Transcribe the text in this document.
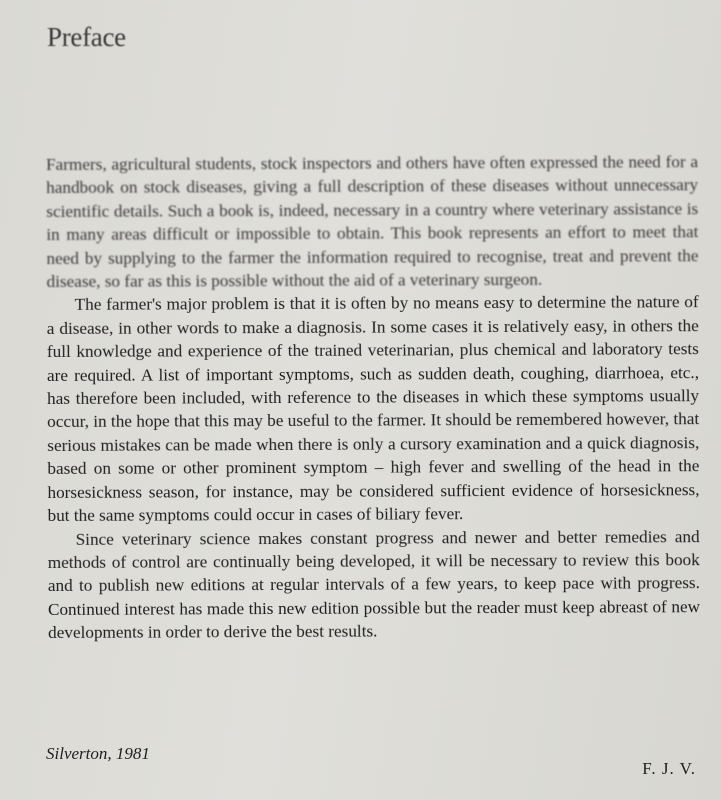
Preface

Farmers, agricultural students, stock inspectors and others have often expressed the need for a handbook on stock diseases, giving a full description of these diseases without unnecessary scientific details. Such a book is, indeed, necessary in a country where veterinary assistance is in many areas difficult or impossible to obtain. This book represents an effort to meet that need by supplying to the farmer the information required to recognise, treat and prevent the disease, so far as this is possible without the aid of a veterinary surgeon.

The farmer's major problem is that it is often by no means easy to determine the nature of a disease, in other words to make a diagnosis. In some cases it is relatively easy, in others the full knowledge and experience of the trained veterinarian, plus chemical and laboratory tests are required. A list of important symptoms, such as sudden death, coughing, diarrhoea, etc., has therefore been included, with reference to the diseases in which these symptoms usually occur, in the hope that this may be useful to the farmer. It should be remembered however, that serious mistakes can be made when there is only a cursory examination and a quick diagnosis, based on some or other prominent symptom – high fever and swelling of the head in the horsesickness season, for instance, may be considered sufficient evidence of horsesickness, but the same symptoms could occur in cases of biliary fever.

Since veterinary science makes constant progress and newer and better remedies and methods of control are continually being developed, it will be necessary to review this book and to publish new editions at regular intervals of a few years, to keep pace with progress. Continued interest has made this new edition possible but the reader must keep abreast of new developments in order to derive the best results.

Silverton, 1981
F. J. V.
